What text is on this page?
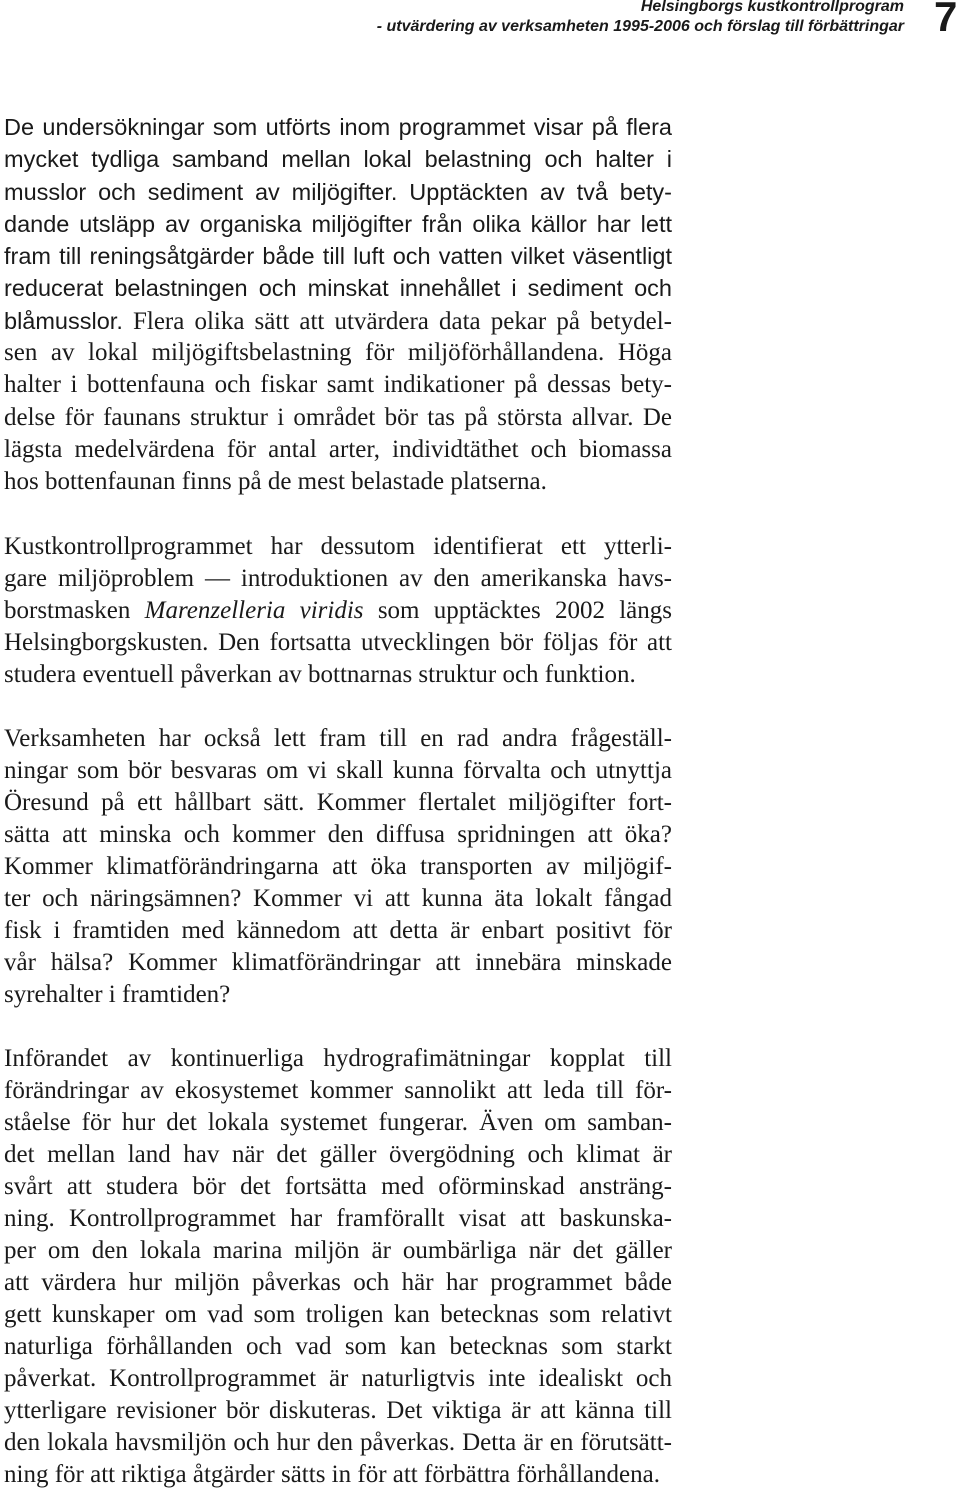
Helsingborgs kustkontrollprogram
- utvärdering av verksamheten 1995-2006 och förslag till förbättringar 7
De undersökningar som utförts inom programmet visar på flera
mycket tydliga samband mellan lokal belastning och halter i
musslor och sediment av miljögifter. Upptäckten av två bety-
dande utsläpp av organiska miljögifter från olika källor har lett
fram till reningsåtgärder både till luft och vatten vilket väsentligt
reducerat belastningen och minskat innehållet i sediment och
blåmusslor. Flera olika sätt att utvärdera data pekar på betydel-
sen av lokal miljögiftsbelastning för miljöförhållandena. Höga
halter i bottenfauna och fiskar samt indikationer på dessas bety-
delse för faunans struktur i området bör tas på största allvar. De
lägsta medelvärdena för antal arter, individtäthet och biomassa
hos bottenfaunan finns på de mest belastade platserna.
Kustkontrollprogrammet har dessutom identifierat ett ytterli-
gare miljöproblem — introduktionen av den amerikanska havs-
borstmasken Marenzelleria viridis som upptäcktes 2002 längs
Helsingborgskusten. Den fortsatta utvecklingen bör följas för att
studera eventuell påverkan av bottnarnas struktur och funktion.
Verksamheten har också lett fram till en rad andra frågeställ-
ningar som bör besvaras om vi skall kunna förvalta och utnyttja
Öresund på ett hållbart sätt. Kommer flertalet miljögifter fort-
sätta att minska och kommer den diffusa spridningen att öka?
Kommer klimatförändringarna att öka transporten av miljögif-
ter och näringsämnen? Kommer vi att kunna äta lokalt fångad
fisk i framtiden med kännedom att detta är enbart positivt för
vår hälsa? Kommer klimatförändringar att innebära minskade
syrehalter i framtiden?
Införandet av kontinuerliga hydrografimätningar kopplat till
förändringar av ekosystemet kommer sannolikt att leda till för-
ståelse för hur det lokala systemet fungerar. Även om samban-
det mellan land hav när det gäller övergödning och klimat är
svårt att studera bör det fortsätta med oförminskad ansträng-
ning. Kontrollprogrammet har framförallt visat att baskunska-
per om den lokala marina miljön är oumbärliga när det gäller
att värdera hur miljön påverkas och här har programmet både
gett kunskaper om vad som troligen kan betecknas som relativt
naturliga förhållanden och vad som kan betecknas som starkt
påverkat. Kontrollprogrammet är naturligtvis inte idealiskt och
ytterligare revisioner bör diskuteras. Det viktiga är att känna till
den lokala havsmiljön och hur den påverkas. Detta är en förutsätt-
ning för att riktiga åtgärder sätts in för att förbättra förhållandena.
